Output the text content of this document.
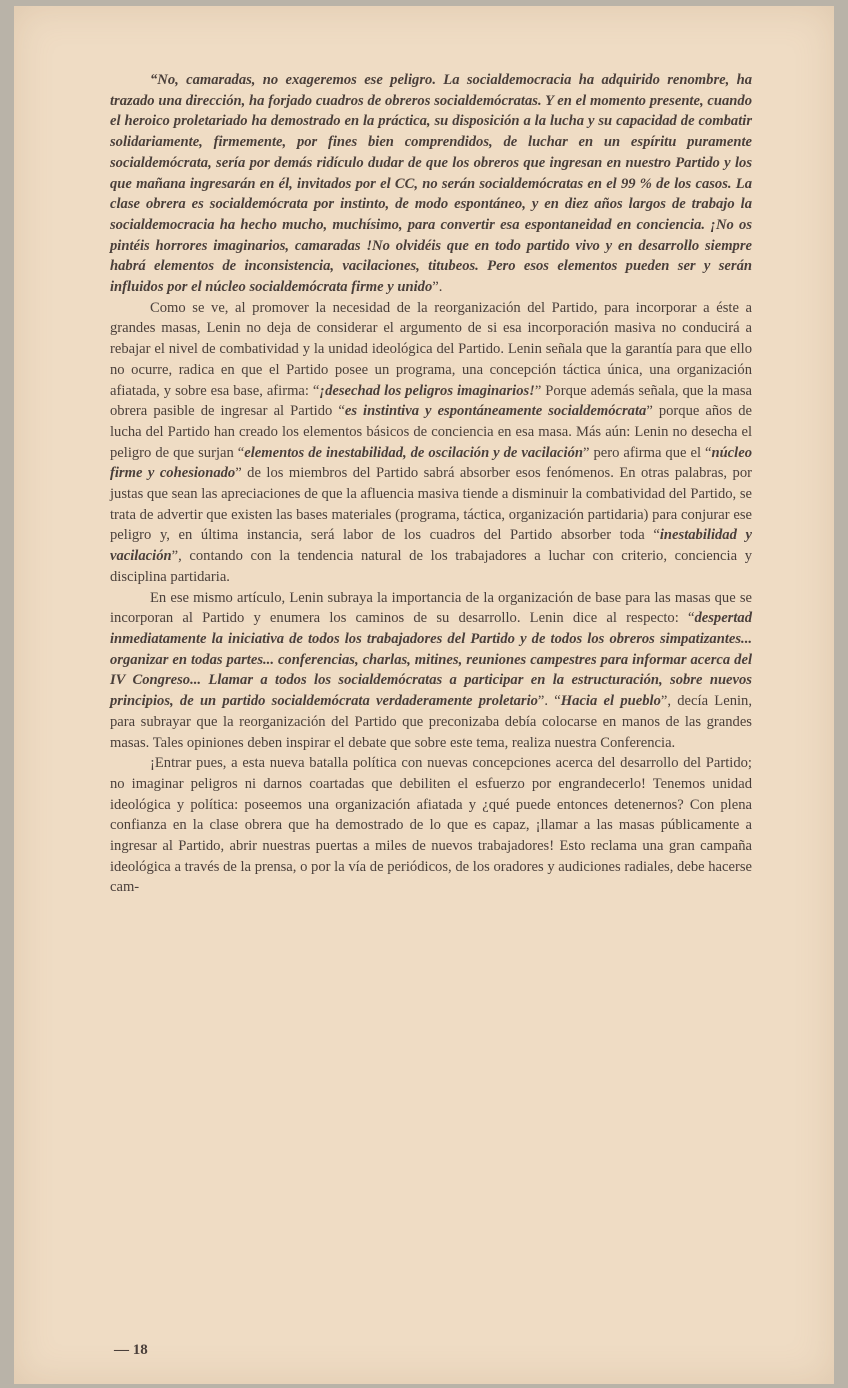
“No, camaradas, no exageremos ese peligro. La socialdemocracia ha adquirido renombre, ha trazado una dirección, ha forjado cuadros de obreros socialdemócratas. Y en el momento presente, cuando el heroico proletariado ha demostrado en la práctica, su disposición a la lucha y su capacidad de combatir solidariamente, firmemente, por fines bien comprendidos, de luchar en un espíritu puramente socialdemócrata, sería por demás ridículo dudar de que los obreros que ingresan en nuestro Partido y los que mañana ingresarán en él, invitados por el CC, no serán socialdemócratas en el 99 % de los casos. La clase obrera es socialdemócrata por instinto, de modo espontáneo, y en diez años largos de trabajo la socialdemocracia ha hecho mucho, muchísimo, para convertir esa espontaneidad en conciencia. ¡No os pintéis horrores imaginarios, camaradas !No olvidéis que en todo partido vivo y en desarrollo siempre habrá elementos de inconsistencia, vacilaciones, titubeos. Pero esos elementos pueden ser y serán influidos por el núcleo socialdemócrata firme y unido”.

Como se ve, al promover la necesidad de la reorganización del Partido, para incorporar a éste a grandes masas, Lenin no deja de considerar el argumento de si esa incorporación masiva no conducirá a rebajar el nivel de combatividad y la unidad ideológica del Partido. Lenin señala que la garantía para que ello no ocurre, radica en que el Partido posee un programa, una concepción táctica única, una organización afiatada, y sobre esa base, afirma: “¡desechad los peligros imaginarios!” Porque además señala, que la masa obrera pasible de ingresar al Partido “es instintiva y espontáneamente socialdemócrata” porque años de lucha del Partido han creado los elementos básicos de conciencia en esa masa. Más aún: Lenin no desecha el peligro de que surjan “elementos de inestabilidad, de oscilación y de vacilación” pero afirma que el “núcleo firme y cohesionado” de los miembros del Partido sabrá absorber esos fenómenos. En otras palabras, por justas que sean las apreciaciones de que la afluencia masiva tiende a disminuir la combatividad del Partido, se trata de advertir que existen las bases materiales (programa, táctica, organización partidaria) para conjurar ese peligro y, en última instancia, será labor de los cuadros del Partido absorber toda “inestabilidad y vacilación”, contando con la tendencia natural de los trabajadores a luchar con criterio, conciencia y disciplina partidaria.

En ese mismo artículo, Lenin subraya la importancia de la organización de base para las masas que se incorporan al Partido y enumera los caminos de su desarrollo. Lenin dice al respecto: “despertad inmediatamente la iniciativa de todos los trabajadores del Partido y de todos los obreros simpatizantes... organizar en todas partes... conferencias, charlas, mitines, reuniones campestres para informar acerca del IV Congreso... Llamar a todos los socialdemócratas a participar en la estructuración, sobre nuevos principios, de un partido socialdemócrata verdaderamente proletario”. “Hacia el pueblo”, decía Lenin, para subrayar que la reorganización del Partido que preconizaba debía colocarse en manos de las grandes masas. Tales opiniones deben inspirar el debate que sobre este tema, realiza nuestra Conferencia.

¡Entrar pues, a esta nueva batalla política con nuevas concepciones acerca del desarrollo del Partido; no imaginar peligros ni darnos coartadas que debiliten el esfuerzo por engrandecerlo! Tenemos unidad ideológica y política: poseemos una organización afiatada y ¿qué puede entonces detenernos? Con plena confianza en la clase obrera que ha demostrado de lo que es capaz, ¡llamar a las masas públicamente a ingresar al Partido, abrir nuestras puertas a miles de nuevos trabajadores! Esto reclama una gran campaña ideológica a través de la prensa, o por la vía de periódicos, de los oradores y audiciones radiales, debe hacerse cam-

— 18
